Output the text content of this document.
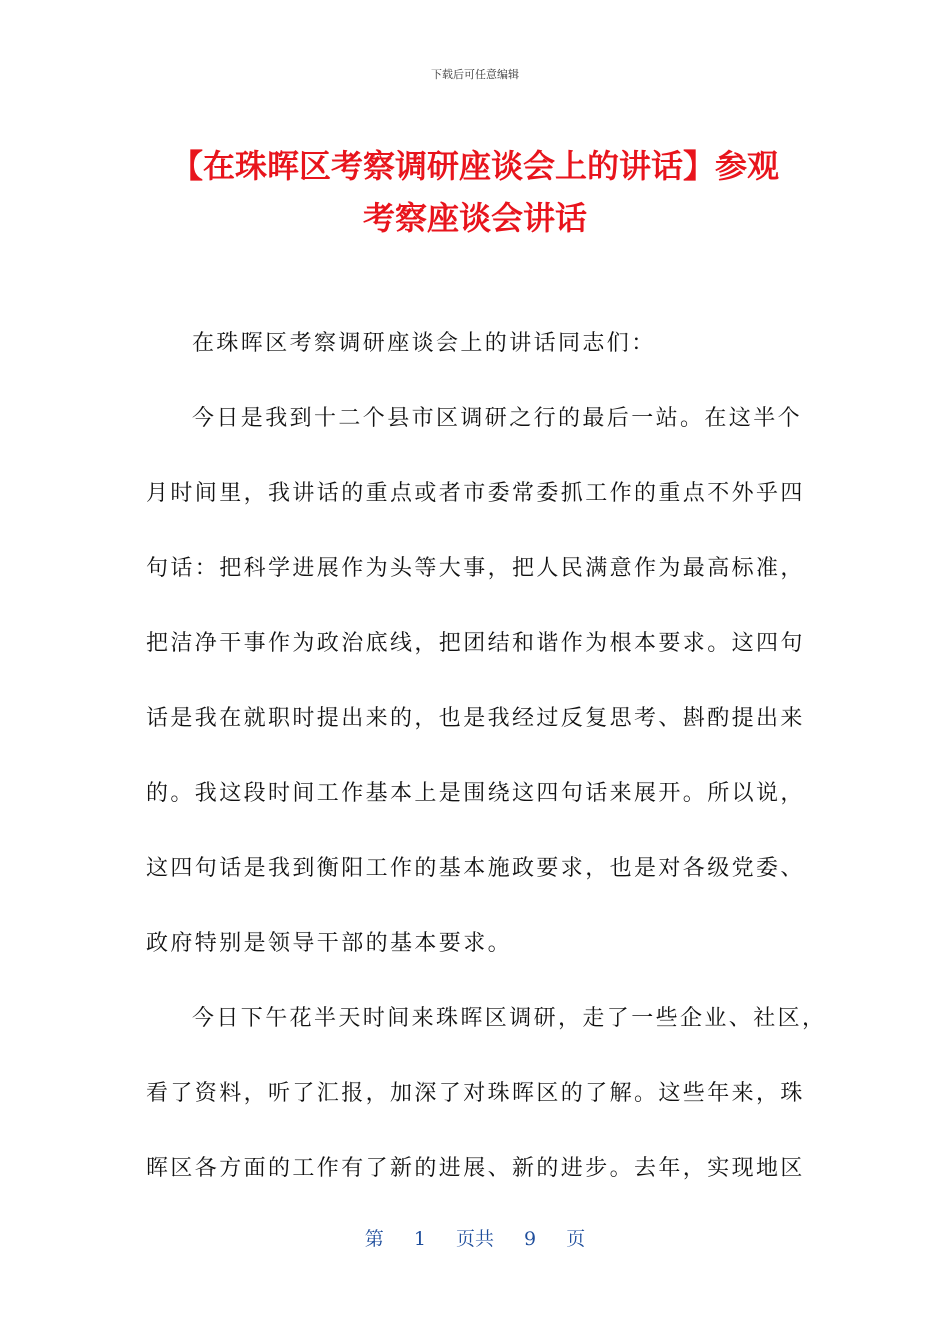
下载后可任意编辑
【在珠晖区考察调研座谈会上的讲话】参观
考察座谈会讲话
在珠晖区考察调研座谈会上的讲话同志们：
今日是我到十二个县市区调研之行的最后一站。在这半个
月时间里，我讲话的重点或者市委常委抓工作的重点不外乎四
句话：把科学进展作为头等大事，把人民满意作为最高标准，
把洁净干事作为政治底线，把团结和谐作为根本要求。这四句
话是我在就职时提出来的，也是我经过反复思考、斟酌提出来
的。我这段时间工作基本上是围绕这四句话来展开。所以说，
这四句话是我到衡阳工作的基本施政要求，也是对各级党委、
政府特别是领导干部的基本要求。
今日下午花半天时间来珠晖区调研，走了一些企业、社区，
看了资料，听了汇报，加深了对珠晖区的了解。这些年来，珠
晖区各方面的工作有了新的进展、新的进步。去年，实现地区
第 1 页共 9 页
